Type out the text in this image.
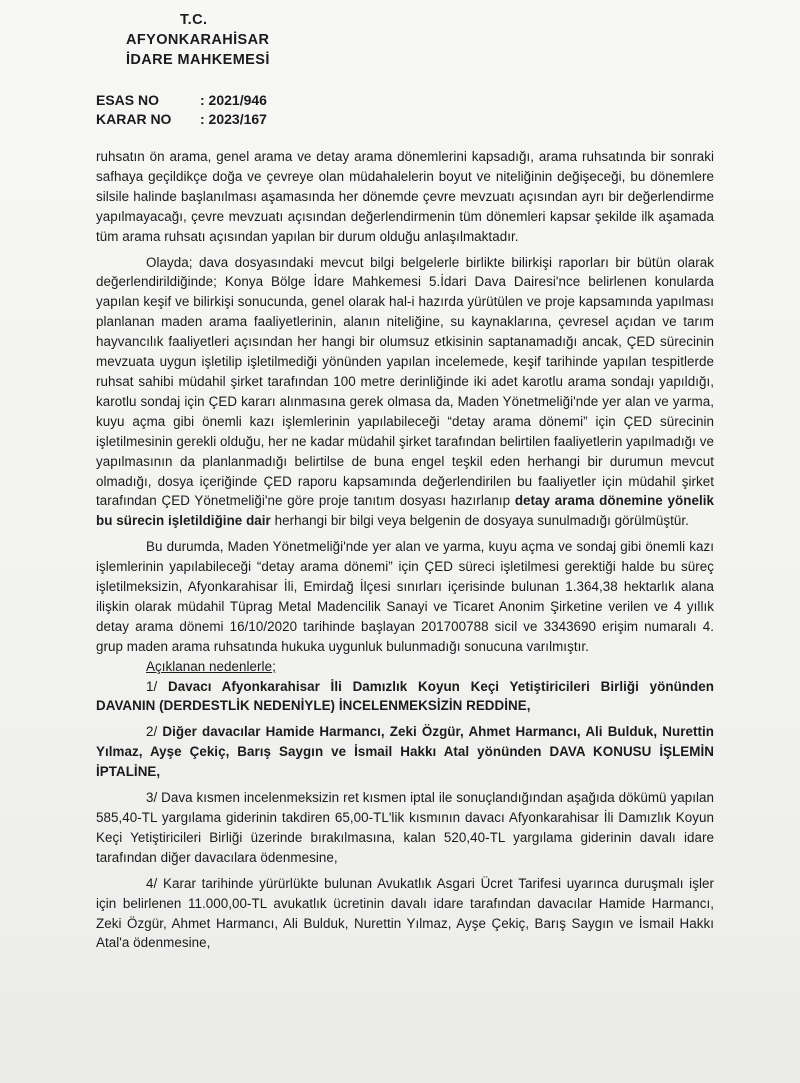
T.C.
AFYONKARAHİSAR
İDARE MAHKEMESİ
ESAS NO	: 2021/946
KARAR NO	: 2023/167

ruhsatın ön arama, genel arama ve detay arama dönemlerini kapsadığı, arama ruhsatında bir sonraki safhaya geçildikçe doğa ve çevreye olan müdahalelerin boyut ve niteliğinin değişeceği, bu dönemlere silsile halinde başlanılması aşamasında her dönemde çevre mevzuatı açısından ayrı bir değerlendirme yapılmayacağı, çevre mevzuatı açısından değerlendirmenin tüm dönemleri kapsar şekilde ilk aşamada tüm arama ruhsatı açısından yapılan bir durum olduğu anlaşılmaktadır.

Olayda; dava dosyasındaki mevcut bilgi belgelerle birlikte bilirkişi raporları bir bütün olarak değerlendirildiğinde; Konya Bölge İdare Mahkemesi 5.İdari Dava Dairesi'nce belirlenen konularda yapılan keşif ve bilirkişi sonucunda, genel olarak hal-i hazırda yürütülen ve proje kapsamında yapılması planlanan maden arama faaliyetlerinin, alanın niteliğine, su kaynaklarına, çevresel açıdan ve tarım hayvancılık faaliyetleri açısından her hangi bir olumsuz etkisinin saptanamadığı ancak, ÇED sürecinin mevzuata uygun işletilip işletilmediği yönünden yapılan incelemede, keşif tarihinde yapılan tespitlerde ruhsat sahibi müdahil şirket tarafından 100 metre derinliğinde iki adet karotlu arama sondajı yapıldığı, karotlu sondaj için ÇED kararı alınmasına gerek olmasa da, Maden Yönetmeliği'nde yer alan ve yarma, kuyu açma gibi önemli kazı işlemlerinin yapılabileceği “detay arama dönemi” için ÇED sürecinin işletilmesinin gerekli olduğu, her ne kadar müdahil şirket tarafından belirtilen faaliyetlerin yapılmadığı ve yapılmasının da planlanmadığı belirtilse de buna engel teşkil eden herhangi bir durumun mevcut olmadığı, dosya içeriğinde ÇED raporu kapsamında değerlendirilen bu faaliyetler için müdahil şirket tarafından ÇED Yönetmeliği'ne göre proje tanıtım dosyası hazırlanıp detay arama dönemine yönelik bu sürecin işletildiğine dair herhangi bir bilgi veya belgenin de dosyaya sunulmadığı görülmüştür.

Bu durumda, Maden Yönetmeliği'nde yer alan ve yarma, kuyu açma ve sondaj gibi önemli kazı işlemlerinin yapılabileceği “detay arama dönemi” için ÇED süreci işletilmesi gerektiği halde bu süreç işletilmeksizin, Afyonkarahisar İli, Emirdağ İlçesi sınırları içerisinde bulunan 1.364,38 hektarlık alana ilişkin olarak müdahil Tüprag Metal Madencilik Sanayi ve Ticaret Anonim Şirketine verilen ve 4 yıllık detay arama dönemi 16/10/2020 tarihinde başlayan 201700788 sicil ve 3343690 erişim numaralı 4. grup maden arama ruhsatında hukuka uygunluk bulunmadığı sonucuna varılmıştır.

Açıklanan nedenlerle;

1/ Davacı Afyonkarahisar İli Damızlık Koyun Keçi Yetiştiricileri Birliği yönünden DAVANIN (DERDESTLİK NEDENİYLE) İNCELENMEKSİZİN REDDİNE,

2/ Diğer davacılar Hamide Harmancı, Zeki Özgür, Ahmet Harmancı, Ali Bulduk, Nurettin Yılmaz, Ayşe Çekiç, Barış Saygın ve İsmail Hakkı Atal yönünden DAVA KONUSU İŞLEMİN İPTALİNE,

3/ Dava kısmen incelenmeksizin ret kısmen iptal ile sonuçlandığından aşağıda dökümü yapılan 585,40-TL yargılama giderinin takdiren 65,00-TL'lik kısmının davacı Afyonkarahisar İli Damızlık Koyun Keçi Yetiştiricileri Birliği üzerinde bırakılmasına, kalan 520,40-TL yargılama giderinin davalı idare tarafından diğer davacılara ödenmesine,

4/ Karar tarihinde yürürlükte bulunan Avukatlık Asgari Ücret Tarifesi uyarınca duruşmalı işler için belirlenen 11.000,00-TL avukatlık ücretinin davalı idare tarafından davacılar Hamide Harmancı, Zeki Özgür, Ahmet Harmancı, Ali Bulduk, Nurettin Yılmaz, Ayşe Çekiç, Barış Saygın ve İsmail Hakkı Atal'a ödenmesine,
